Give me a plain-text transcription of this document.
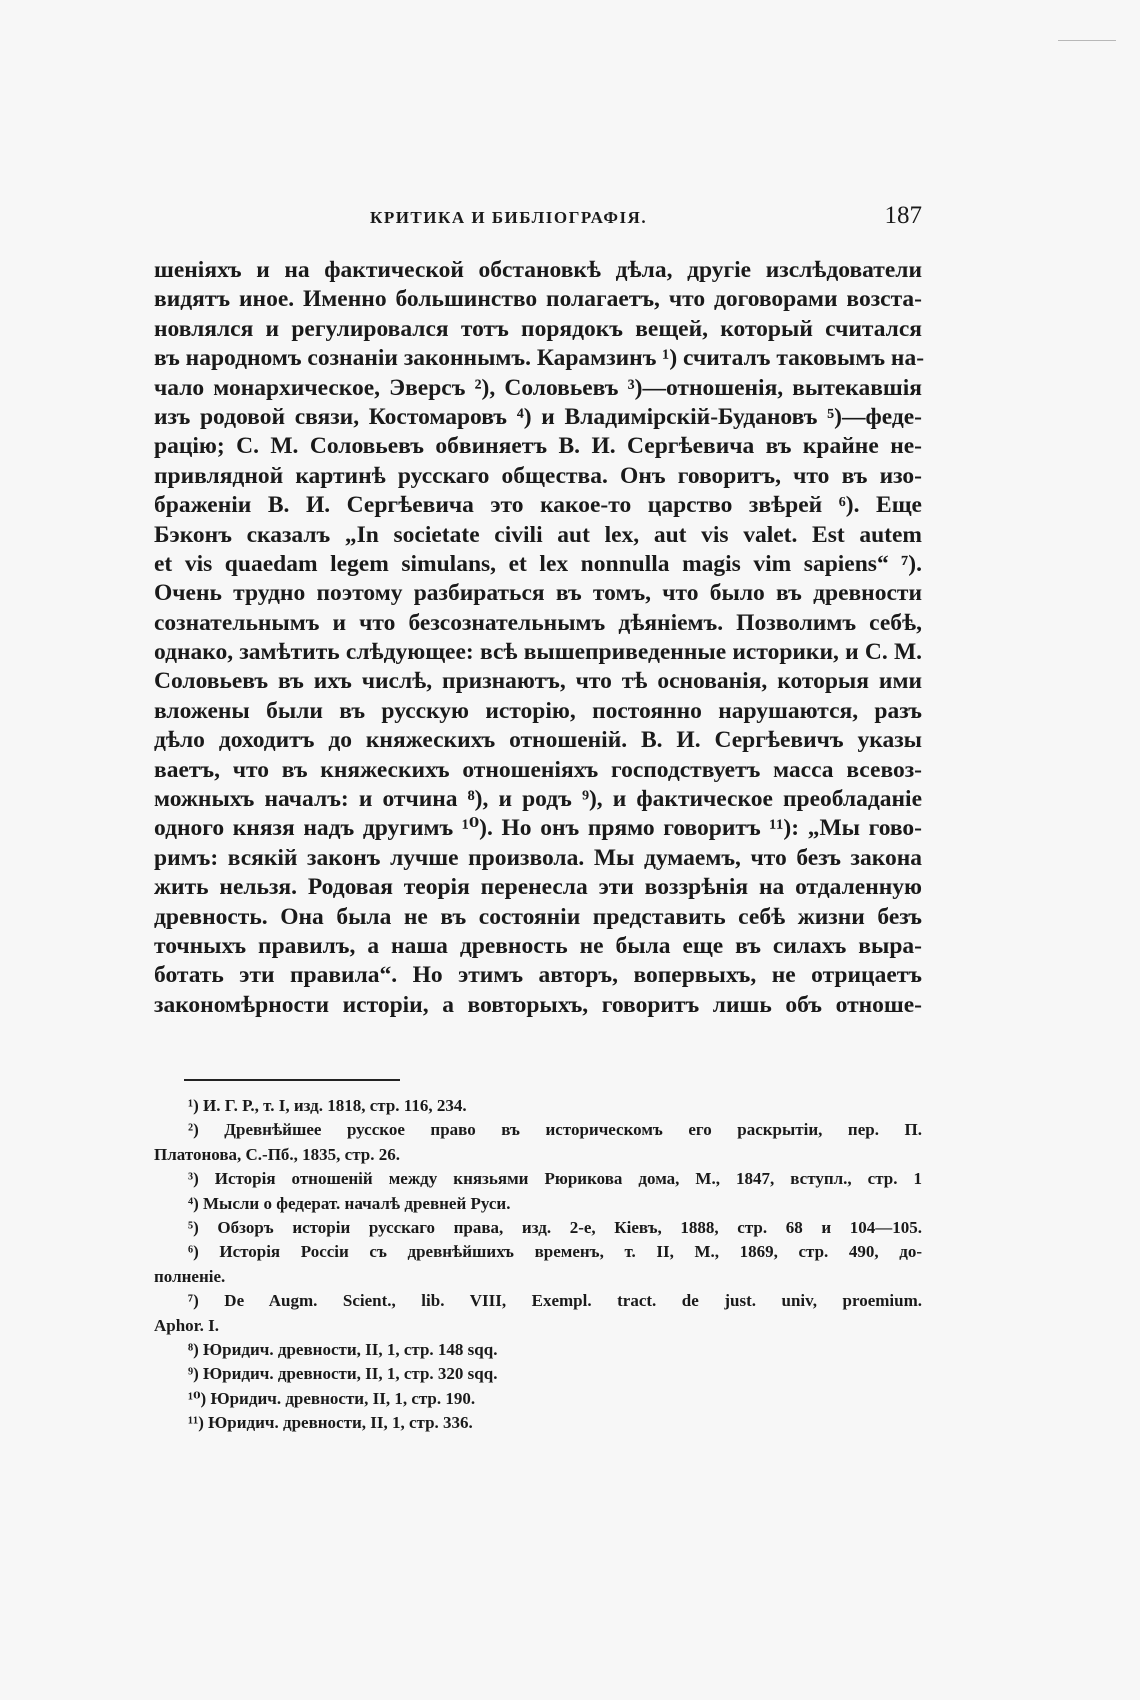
КРИТИКА И БИБЛІОГРАФІЯ.	187
шеніяхъ и на фактической обстановкѣ дѣла, другіе изслѣдователи
видятъ иное. Именно большинство полагаетъ, что договорами возста-
новлялся и регулировался тотъ порядокъ вещей, который считался
въ народномъ сознаніи законнымъ. Карамзинъ ¹) считалъ таковымъ на-
чало монархическое, Эверсъ ²), Соловьевъ ³)—отношенія, вытекавшія
изъ родовой связи, Костомаровъ ⁴) и Владимірскій-Будановъ ⁵)—феде-
рацію; С. М. Соловьевъ обвиняетъ В. И. Сергѣевича въ крайне не-
привлядной картинѣ русскаго общества. Онъ говоритъ, что въ изо-
браженіи В. И. Сергѣевича это какое-то царство звѣрей ⁶). Еще
Бэконъ сказалъ „In societate civili aut lex, aut vis valet. Est autem
et vis quaedam legem simulans, et lex nonnulla magis vim sapiens“ ⁷).
Очень трудно поэтому разбираться въ томъ, что было въ древности
сознательнымъ и что безсознательнымъ дѣяніемъ. Позволимъ себѣ,
однако, замѣтить слѣдующее: всѣ вышеприведенные историки, и С. М.
Соловьевъ въ ихъ числѣ, признаютъ, что тѣ основанія, которыя ими
вложены были въ русскую исторію, постоянно нарушаются, разъ
дѣло доходитъ до княжескихъ отношеній. В. И. Сергѣевичъ указы
ваетъ, что въ княжескихъ отношеніяхъ господствуетъ масса всевоз-
можныхъ началъ: и отчина ⁸), и родъ ⁹), и фактическое преобладаніе
одного князя надъ другимъ ¹⁰). Но онъ прямо говоритъ ¹¹): „Мы гово-
римъ: всякій законъ лучше произвола. Мы думаемъ, что безъ закона
жить нельзя. Родовая теорія перенесла эти воззрѣнія на отдаленную
древность. Она была не въ состояніи представить себѣ жизни безъ
точныхъ правилъ, а наша древность не была еще въ силахъ выра-
ботать эти правила“. Но этимъ авторъ, вопервыхъ, не отрицаетъ
закономѣрности исторіи, а вовторыхъ, говоритъ лишь объ отноше-
¹) И. Г. Р., т. I, изд. 1818, стр. 116, 234.
²) Древнѣйшее русское право въ историческомъ его раскрытіи, пер. П.
Платонова, С.-Пб., 1835, стр. 26.
³) Исторія отношеній между князьями Рюрикова дома, М., 1847, вступл., стр. 1
⁴) Мысли о федерат. началѣ древней Руси.
⁵) Обзоръ исторіи русскаго права, изд. 2-е, Кіевъ, 1888, стр. 68 и 104—105.
⁶) Исторія Россіи съ древнѣйшихъ временъ, т. II, М., 1869, стр. 490, до-
полненіе.
⁷) De Augm. Scient., lib. VIII, Exempl. tract. de just. univ, proemium.
Aphor. I.
⁸) Юридич. древности, II, 1, стр. 148 sqq.
⁹) Юридич. древности, II, 1, стр. 320 sqq.
¹⁰) Юридич. древности, II, 1, стр. 190.
¹¹) Юридич. древности, II, 1, стр. 336.
